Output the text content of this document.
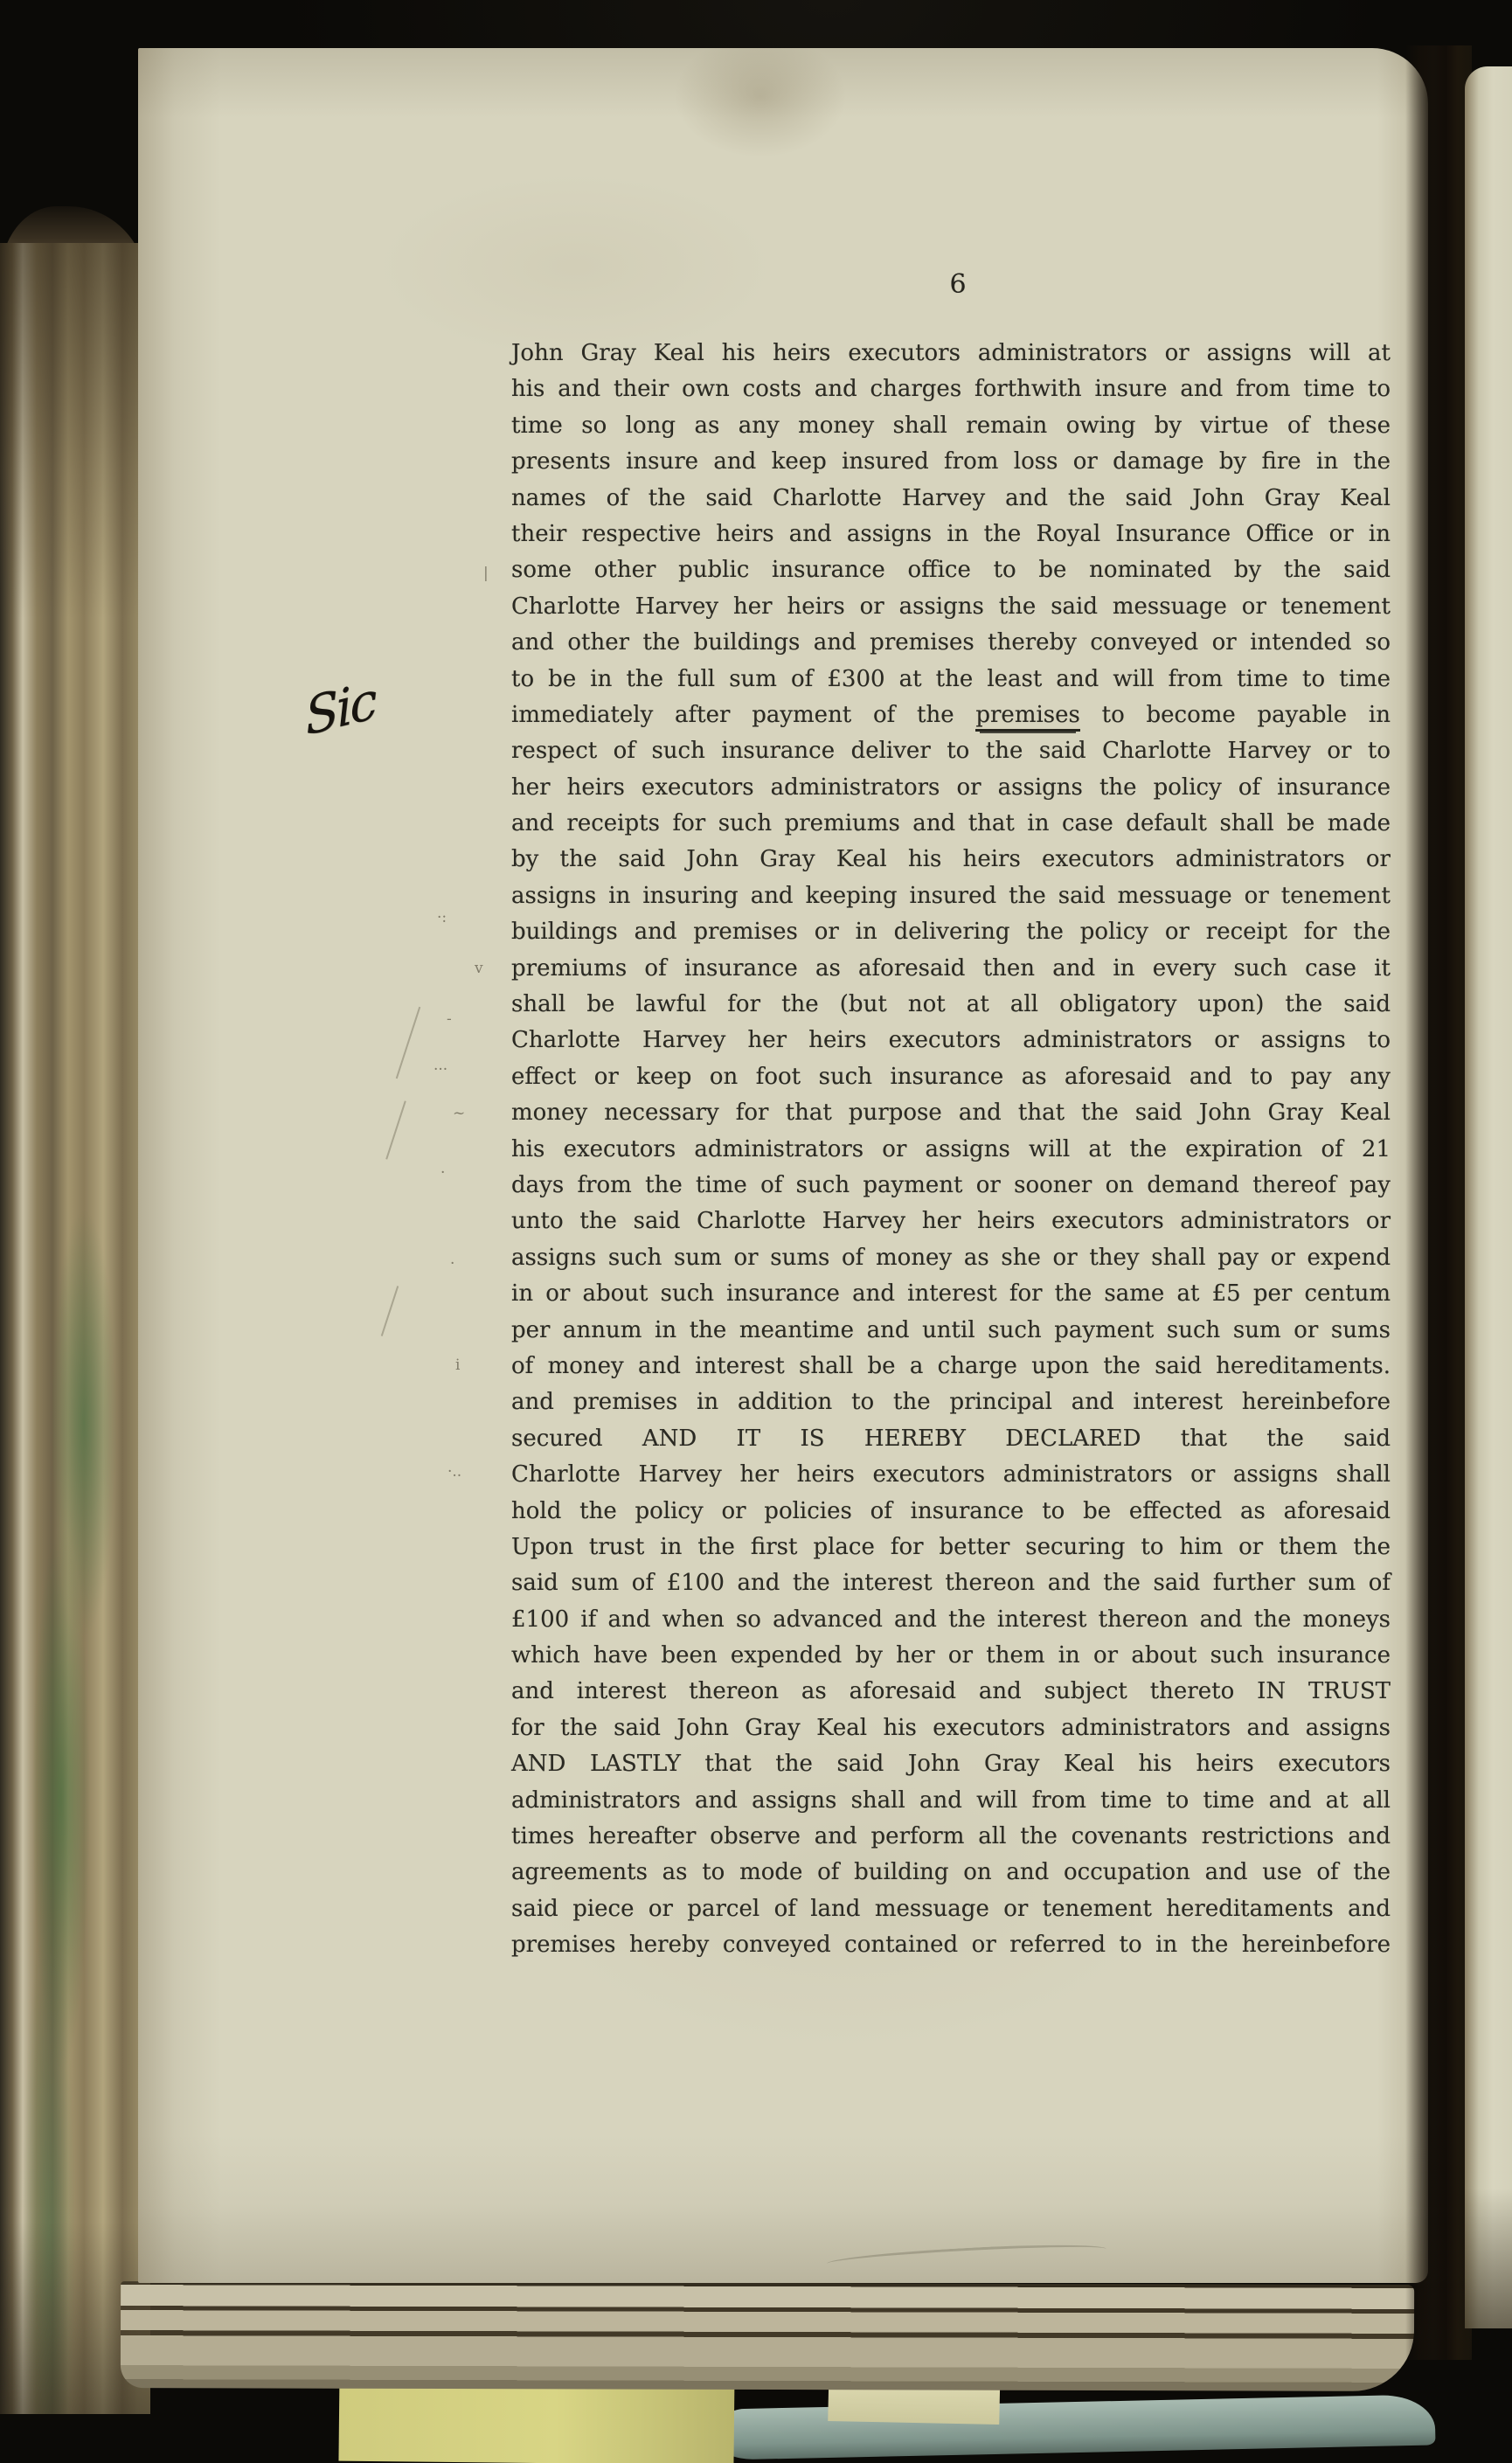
6
Sic
John Gray Keal his heirs executors administrators or assigns will at
his and their own costs and charges forthwith insure and from time to
time so long as any money shall remain owing by virtue of these
presents insure and keep insured from loss or damage by fire in the
names of the said Charlotte Harvey and the said John Gray Keal
their respective heirs and assigns in the Royal Insurance Office or in
some other public insurance office to be nominated by the said
Charlotte Harvey her heirs or assigns the said messuage or tenement
and other the buildings and premises thereby conveyed or intended so
to be in the full sum of £300 at the least and will from time to time
immediately after payment of the premises to become payable in
respect of such insurance deliver to the said Charlotte Harvey or to
her heirs executors administrators or assigns the policy of insurance
and receipts for such premiums and that in case default shall be made
by the said John Gray Keal his heirs executors administrators or
assigns in insuring and keeping insured the said messuage or tenement
buildings and premises or in delivering the policy or receipt for the
premiums of insurance as aforesaid then and in every such case it
shall be lawful for the (but not at all obligatory upon) the said
Charlotte Harvey her heirs executors administrators or assigns to
effect or keep on foot such insurance as aforesaid and to pay any
money necessary for that purpose and that the said John Gray Keal
his executors administrators or assigns will at the expiration of 21
days from the time of such payment or sooner on demand thereof pay
unto the said Charlotte Harvey her heirs executors administrators or
assigns such sum or sums of money as she or they shall pay or expend
in or about such insurance and interest for the same at £5 per centum
per annum in the meantime and until such payment such sum or sums
of money and interest shall be a charge upon the said hereditaments.
and premises in addition to the principal and interest hereinbefore
secured AND IT IS HEREBY DECLARED that the said
Charlotte Harvey her heirs executors administrators or assigns shall
hold the policy or policies of insurance to be effected as aforesaid
Upon trust in the first place for better securing to him or them the
said sum of £100 and the interest thereon and the said further sum of
£100 if and when so advanced and the interest thereon and the moneys
which have been expended by her or them in or about such insurance
and interest thereon as aforesaid and subject thereto IN TRUST
for the said John Gray Keal his executors administrators and assigns
AND LASTLY that the said John Gray Keal his heirs executors
administrators and assigns shall and will from time to time and at all
times hereafter observe and perform all the covenants restrictions and
agreements as to mode of building on and occupation and use of the
said piece or parcel of land messuage or tenement hereditaments and
premises hereby conveyed contained or referred to in the hereinbefore
|
·:
v
-
···
~
·
·
i
·..
